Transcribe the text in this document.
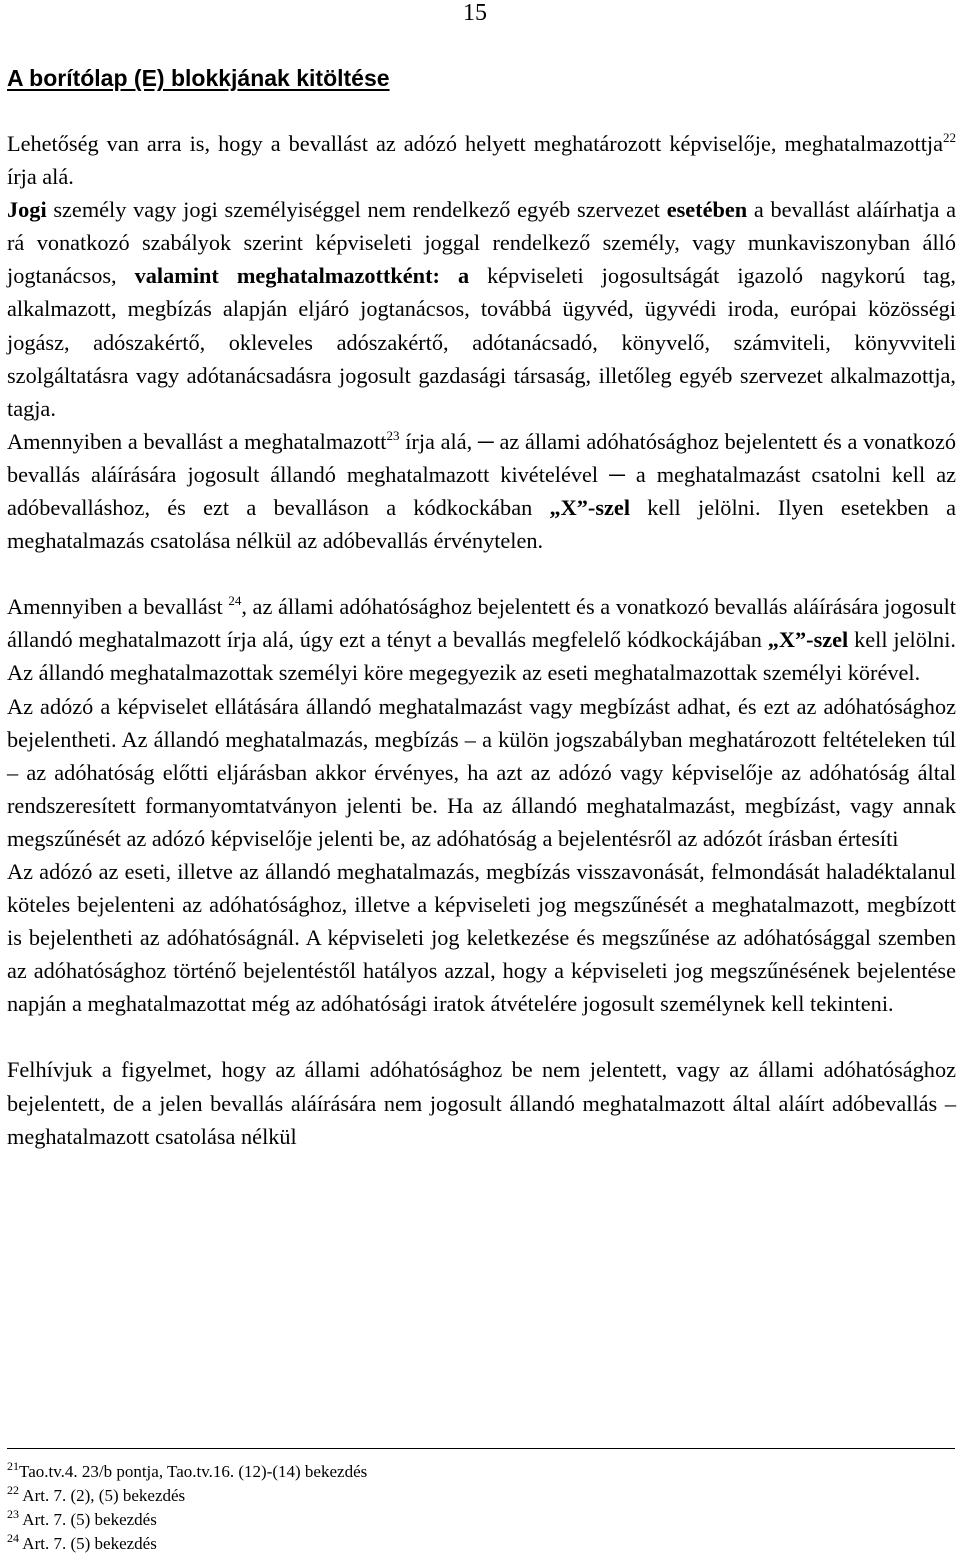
15
A borítólap (E) blokkjának kitöltése

Lehetőség van arra is, hogy a bevallást az adózó helyett meghatározott képviselője, meghatalmazottja$^{22}$ írja alá.

Jogi személy vagy jogi személyiséggel nem rendelkező egyéb szervezet esetében a bevallást aláírhatja a rá vonatkozó szabályok szerint képviseleti joggal rendelkező személy, vagy munkaviszonyban álló jogtanácsos, valamint meghatalmazottként: a képviseleti jogosultságát igazoló nagykorú tag, alkalmazott, megbízás alapján eljáró jogtanácsos, továbbá ügyvéd, ügyvédi iroda, európai közösségi jogász, adószakértő, okleveles adószakértő, adótanácsadó, könyvelő, számviteli, könyvviteli szolgáltatásra vagy adótanácsadásra jogosult gazdasági társaság, illetőleg egyéb szervezet alkalmazottja, tagja.

Amennyiben a bevallást a meghatalmazott$^{23}$ írja alá, ─ az állami adóhatósághoz bejelentett és a vonatkozó bevallás aláírására jogosult állandó meghatalmazott kivételével ─ a meghatalmazást csatolni kell az adóbevalláshoz, és ezt a bevalláson a kódkockában „X”-szel kell jelölni. Ilyen esetekben a meghatalmazás csatolása nélkül az adóbevallás érvénytelen.

Amennyiben a bevallást $^{24}$, az állami adóhatósághoz bejelentett és a vonatkozó bevallás aláírására jogosult állandó meghatalmazott írja alá, úgy ezt a tényt a bevallás megfelelő kódkockájában „X”-szel kell jelölni. Az állandó meghatalmazottak személyi köre megegyezik az eseti meghatalmazottak személyi körével.

Az adózó a képviselet ellátására állandó meghatalmazást vagy megbízást adhat, és ezt az adóhatósághoz bejelentheti. Az állandó meghatalmazás, megbízás – a külön jogszabályban meghatározott feltételeken túl – az adóhatóság előtti eljárásban akkor érvényes, ha azt az adózó vagy képviselője az adóhatóság által rendszeresített formanyomtatványon jelenti be. Ha az állandó meghatalmazást, megbízást, vagy annak megszűnését az adózó képviselője jelenti be, az adóhatóság a bejelentésről az adózót írásban értesíti

Az adózó az eseti, illetve az állandó meghatalmazás, megbízás visszavonását, felmondását haladéktalanul köteles bejelenteni az adóhatósághoz, illetve a képviseleti jog megszűnését a meghatalmazott, megbízott is bejelentheti az adóhatóságnál. A képviseleti jog keletkezése és megszűnése az adóhatósággal szemben az adóhatósághoz történő bejelentéstől hatályos azzal, hogy a képviseleti jog megszűnésének bejelentése napján a meghatalmazottat még az adóhatósági iratok átvételére jogosult személynek kell tekinteni.

Felhívjuk a figyelmet, hogy az állami adóhatósághoz be nem jelentett, vagy az állami adóhatósághoz bejelentett, de a jelen bevallás aláírására nem jogosult állandó meghatalmazott által aláírt adóbevallás – meghatalmazott csatolása nélkül

$^{21}$Tao.tv.4. 23/b pontja, Tao.tv.16. (12)-(14) bekezdés
$^{22}$ Art. 7. (2), (5) bekezdés
$^{23}$ Art. 7. (5) bekezdés
$^{24}$ Art. 7. (5) bekezdés
